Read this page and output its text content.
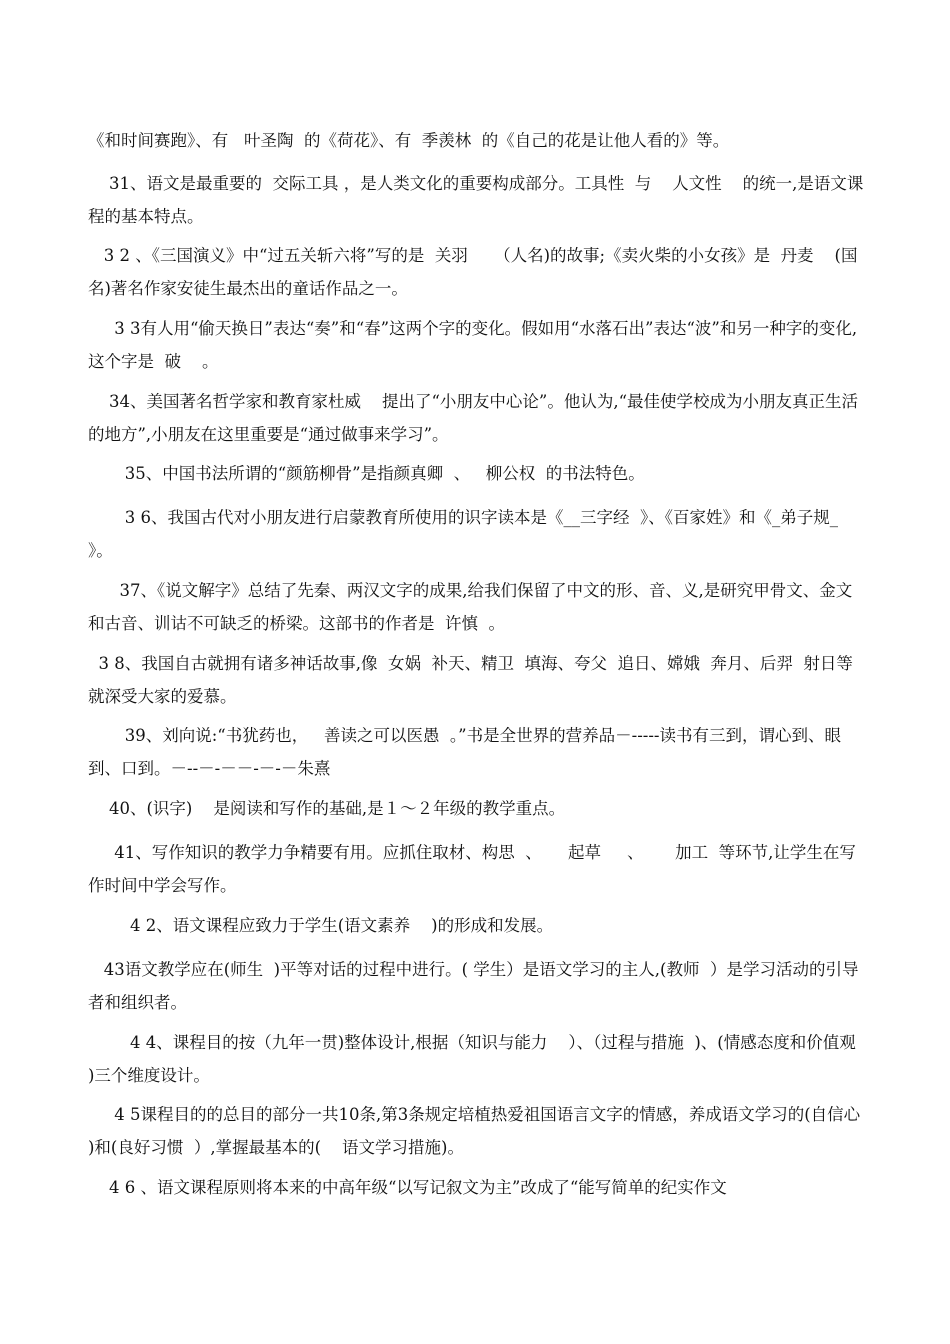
《和时间赛跑》、有   叶圣陶  的《荷花》、有  季羡林  的《自己的花是让他人看的》等。

31、语文是最重要的  交际工具 ，是人类文化的重要构成部分。工具性  与    人文性    的统一,是语文课程的基本特点。

3 2 、《三国演义》中“过五关斩六将”写的是  关羽     （人名)的故事;《卖火柴的小女孩》是  丹麦    (国名)著名作家安徒生最杰出的童话作品之一。

3 3有人用“偷天换日”表达“奏”和“春”这两个字的变化。假如用“水落石出”表达“波”和另一种字的变化,这个字是  破    。

34、美国著名哲学家和教育家杜威    提出了“小朋友中心论”。他认为,“最佳使学校成为小朋友真正生活的地方”,小朋友在这里重要是“通过做事来学习”。

35、中国书法所谓的“颜筋柳骨”是指颜真卿  、   柳公权  的书法特色。

3 6、我国古代对小朋友进行启蒙教育所使用的识字读本是《__三字经  》、《百家姓》和《_弟子规_    》。

37、《说文解字》总结了先秦、两汉文字的成果,给我们保留了中文的形、音、义,是研究甲骨文、金文和古音、训诂不可缺乏的桥梁。这部书的作者是  许慎  。

3 8、我国自古就拥有诸多神话故事,像  女娲  补天、精卫  填海、夸父  追日、嫦娥  奔月、后羿  射日等就深受大家的爱慕。

39、刘向说:“书犹药也，   善读之可以医愚  。”书是全世界的营养品－-----读书有三到，谓心到、眼到、口到。－--－-－－-－-－朱熹

40、(识字)    是阅读和写作的基础,是１～２年级的教学重点。

41、写作知识的教学力争精要有用。应抓住取材、构思  、     起草     、      加工  等环节,让学生在写作时间中学会写作。

4 2、语文课程应致力于学生(语文素养    )的形成和发展。

43语文教学应在(师生  )平等对话的过程中进行。( 学生）是语文学习的主人,(教师  ）是学习活动的引导者和组织者。

4 4、课程目的按（九年一贯)整体设计,根据（知识与能力    ）、（过程与措施  )、(情感态度和价值观  )三个维度设计。

4 5课程目的的总目的部分一共10条,第3条规定培植热爱祖国语言文字的情感，养成语文学习的(自信心  )和(良好习惯  ）,掌握最基本的(    语文学习措施)。

4 6 、语文课程原则将本来的中高年级“以写记叙文为主”改成了“能写简单的纪实作文
